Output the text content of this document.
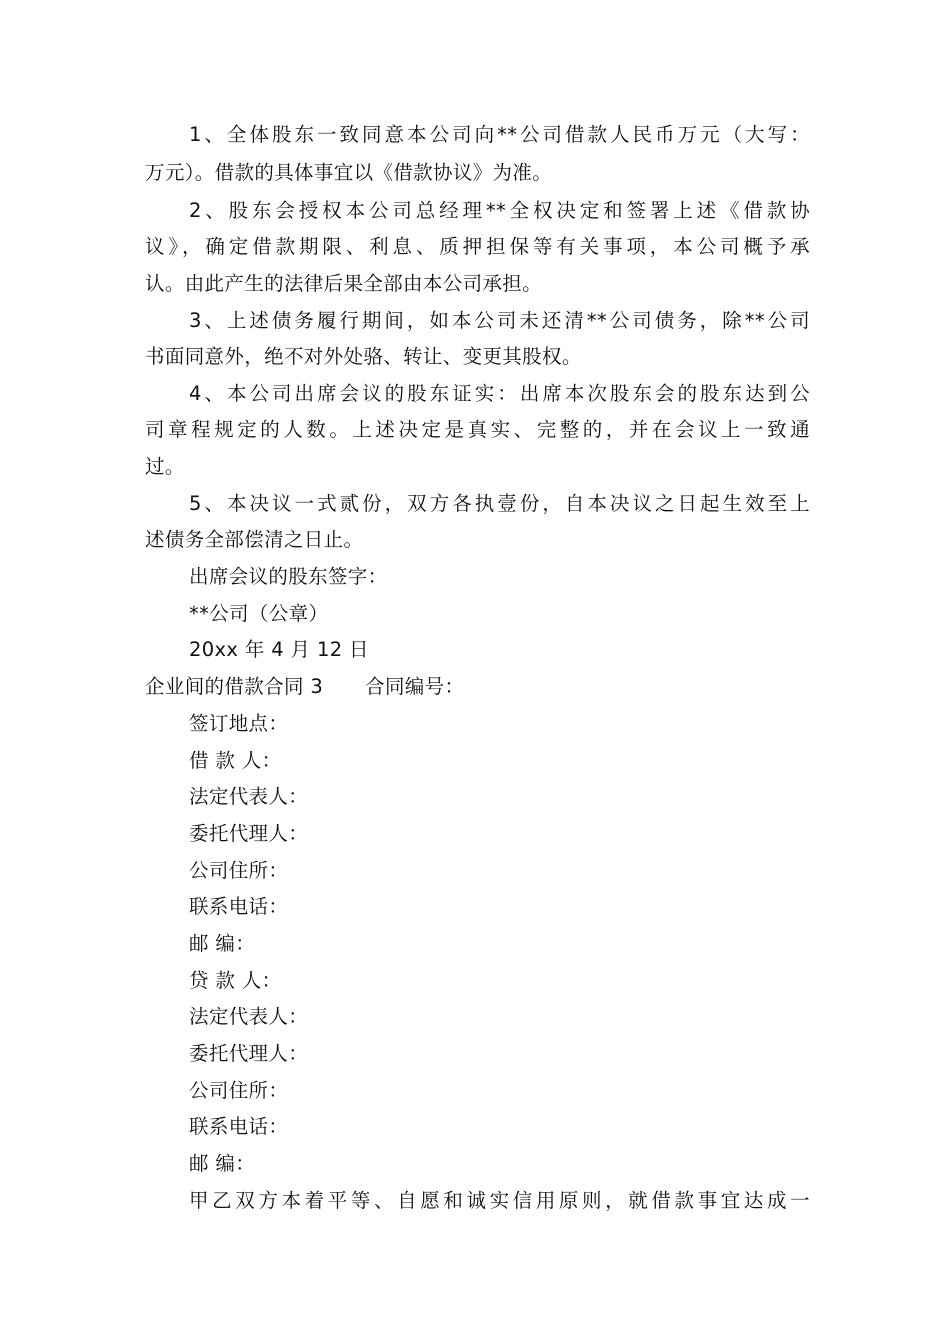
1、全体股东一致同意本公司向**公司借款人民币万元（大写：
万元）。借款的具体事宜以《借款协议》为准。
2、股东会授权本公司总经理**全权决定和签署上述《借款协
议》，确定借款期限、利息、质押担保等有关事项，本公司概予承
认。由此产生的法律后果全部由本公司承担。
3、上述债务履行期间，如本公司未还清**公司债务，除**公司
书面同意外，绝不对外处骆、转让、变更其股权。
4、本公司出席会议的股东证实：出席本次股东会的股东达到公
司章程规定的人数。上述决定是真实、完整的，并在会议上一致通
过。
5、本决议一式贰份，双方各执壹份，自本决议之日起生效至上
述债务全部偿清之日止。
出席会议的股东签字：
**公司（公章）
20xx 年 4 月 12 日
企业间的借款合同 3 合同编号：
签订地点：
借 款 人：
法定代表人：
委托代理人：
公司住所：
联系电话：
邮 编：
贷 款 人：
法定代表人：
委托代理人：
公司住所：
联系电话：
邮 编：
甲乙双方本着平等、自愿和诚实信用原则，就借款事宜达成一
